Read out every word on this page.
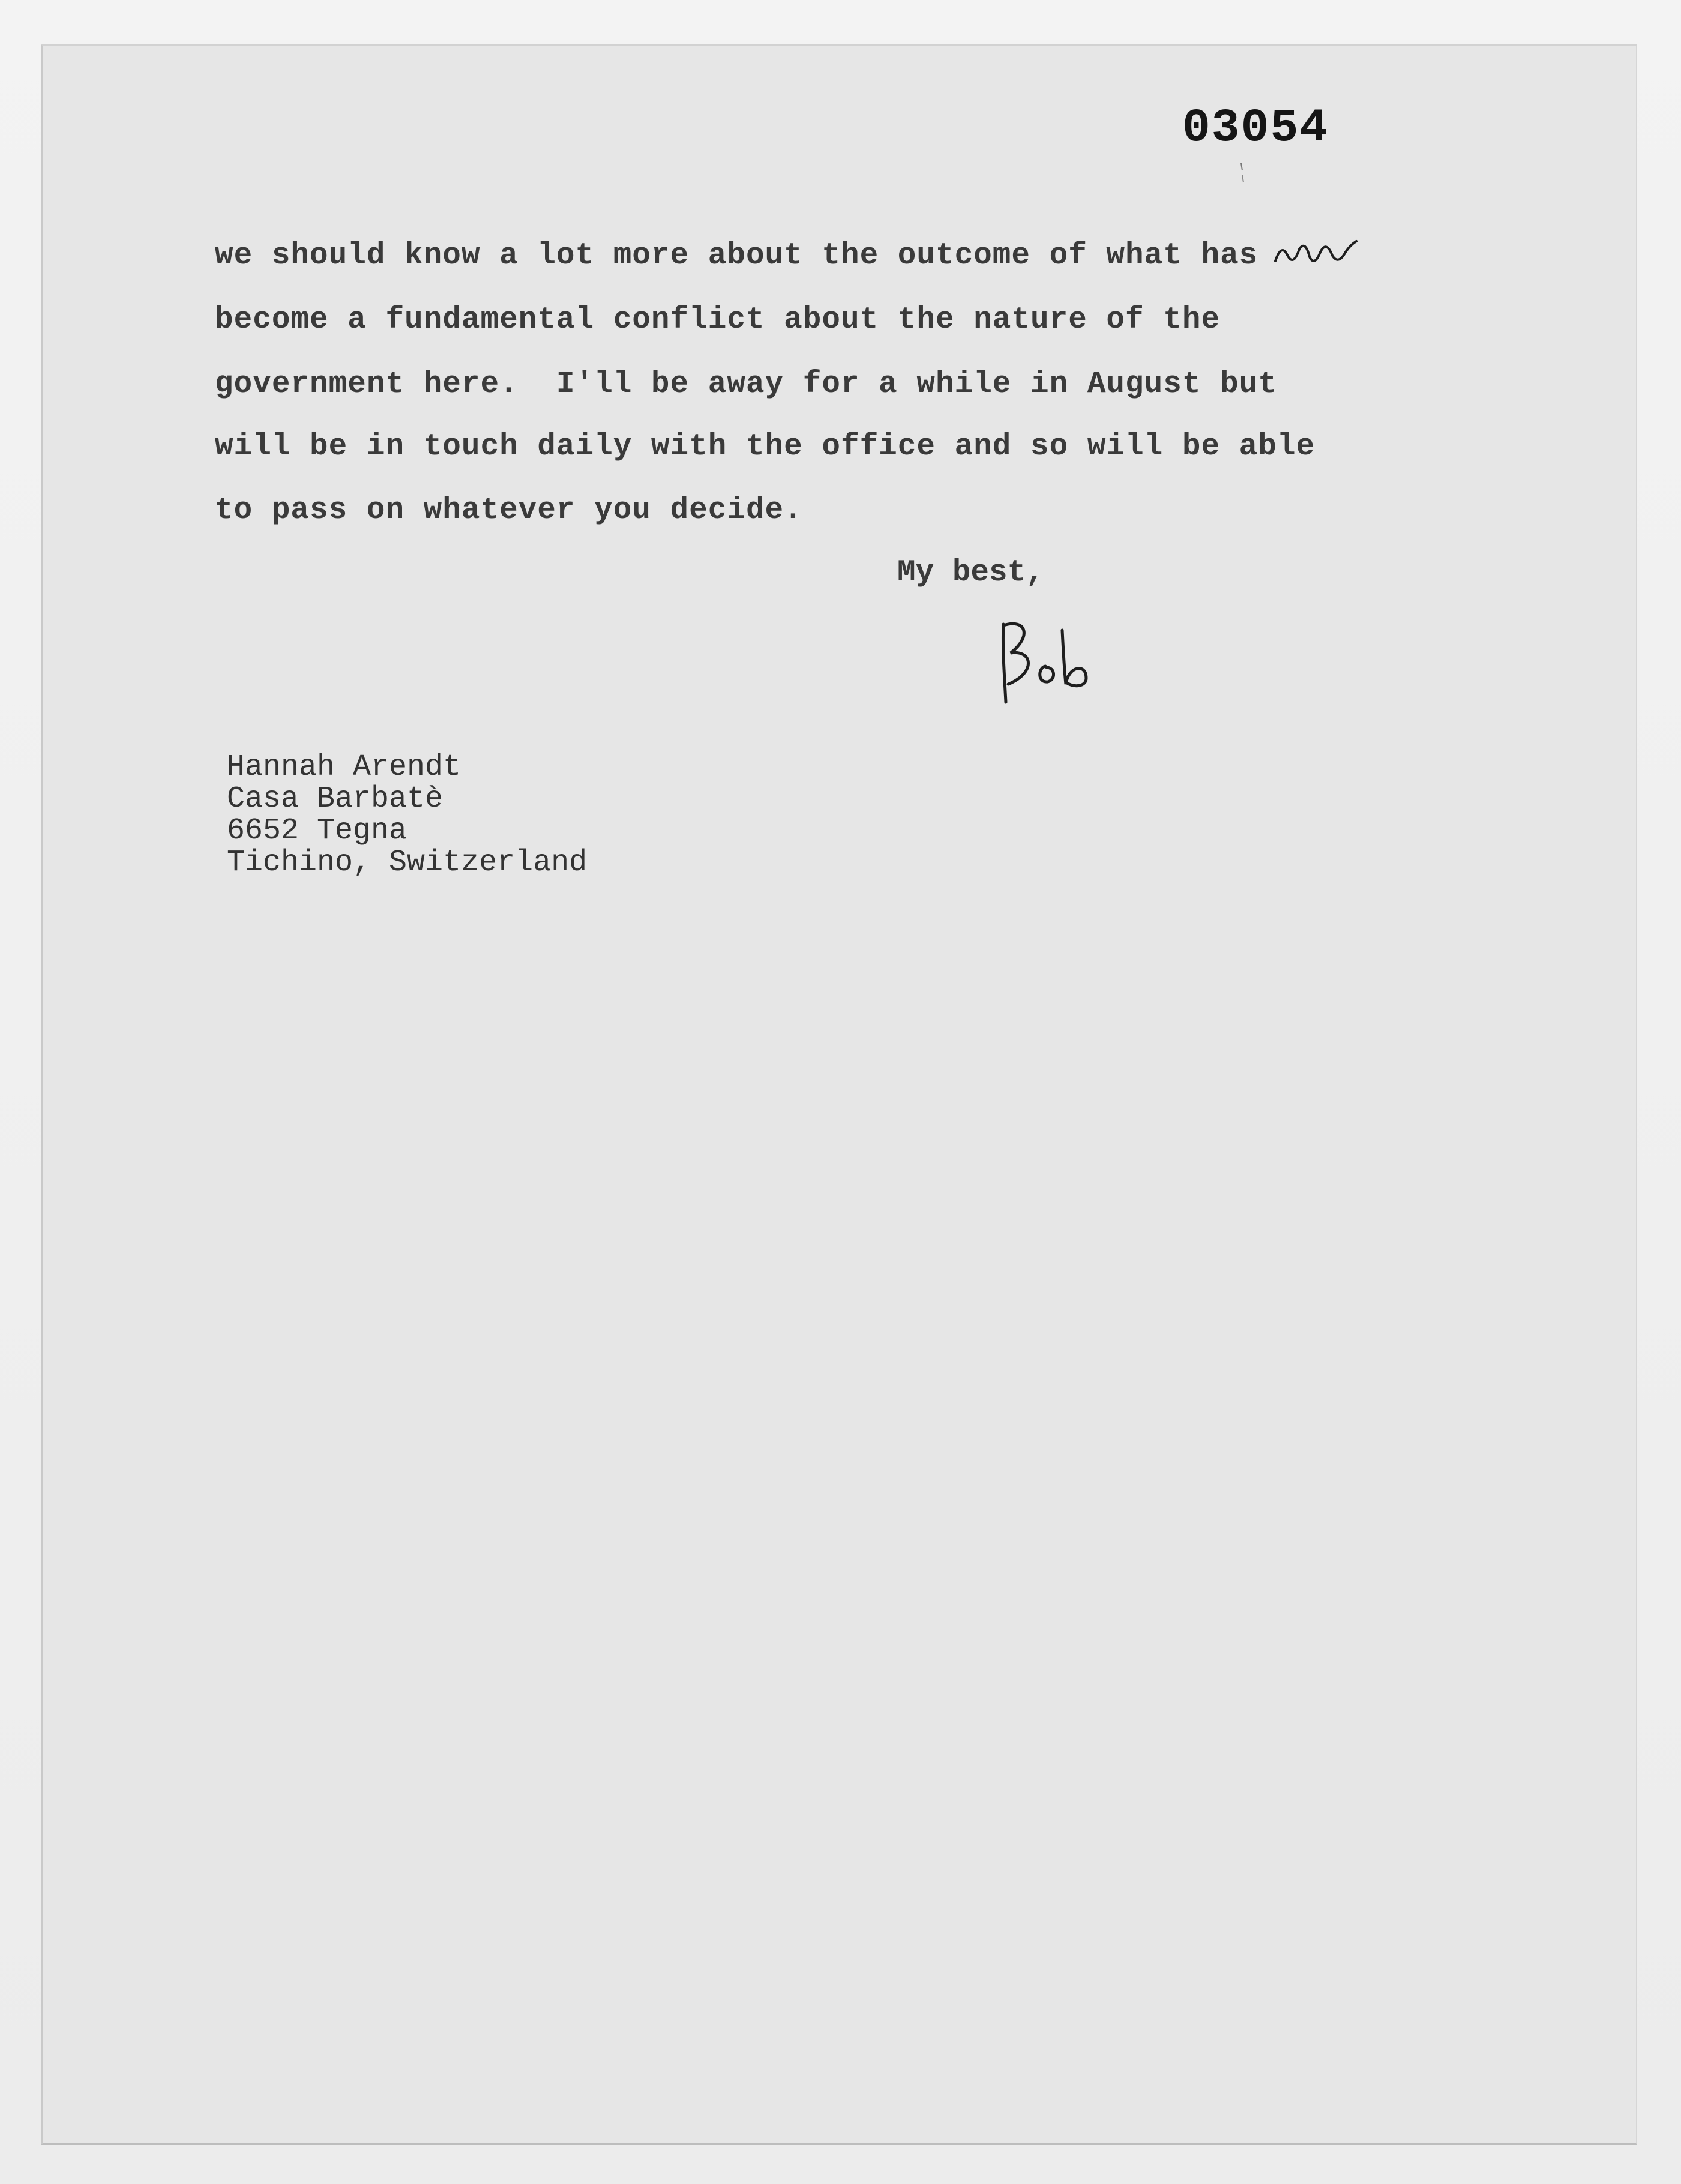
03054
we should know a lot more about the outcome of what has
become a fundamental conflict about the nature of the
government here.  I'll be away for a while in August but
will be in touch daily with the office and so will be able
to pass on whatever you decide.
My best,
Hannah Arendt
Casa Barbatè
6652 Tegna
Tichino, Switzerland
